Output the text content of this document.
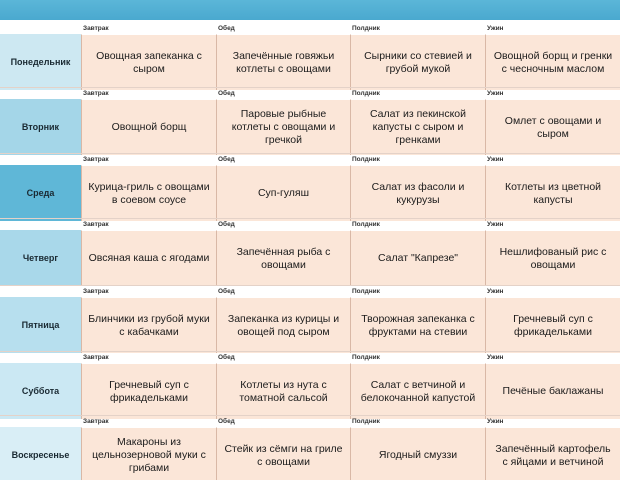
Понедельник
Завтрак
Овощная запеканка с сыром
Обед
Запечённые говяжьи котлеты с овощами
Полдник
Сырники со стевией и грубой мукой
Ужин
Овощной борщ и гренки с чесночным маслом
Вторник
Завтрак
Овощной борщ
Обед
Паровые рыбные котлеты с овощами и гречкой
Полдник
Салат из пекинской капусты с сыром и гренками
Ужин
Омлет с овощами и сыром
Среда
Завтрак
Курица-гриль с овощами в соевом соусе
Обед
Суп-гуляш
Полдник
Салат из фасоли и кукурузы
Ужин
Котлеты из цветной капусты
Четверг
Завтрак
Овсяная каша с ягодами
Обед
Запечённая рыба с овощами
Полдник
Салат "Капрезе"
Ужин
Нешлифованый рис с овощами
Пятница
Завтрак
Блинчики из грубой муки с кабачками
Обед
Запеканка из курицы и овощей под сыром
Полдник
Творожная запеканка с фруктами на стевии
Ужин
Гречневый суп с фрикадельками
Суббота
Завтрак
Гречневый суп с фрикадельками
Обед
Котлеты из нута с томатной сальсой
Полдник
Салат с ветчиной и белокочанной капустой
Ужин
Печёные баклажаны
Воскресенье
Завтрак
Макароны из цельнозерновой муки с грибами
Обед
Стейк из сёмги на гриле с овощами
Полдник
Ягодный смуззи
Ужин
Запечённый картофель с яйцами и ветчиной
